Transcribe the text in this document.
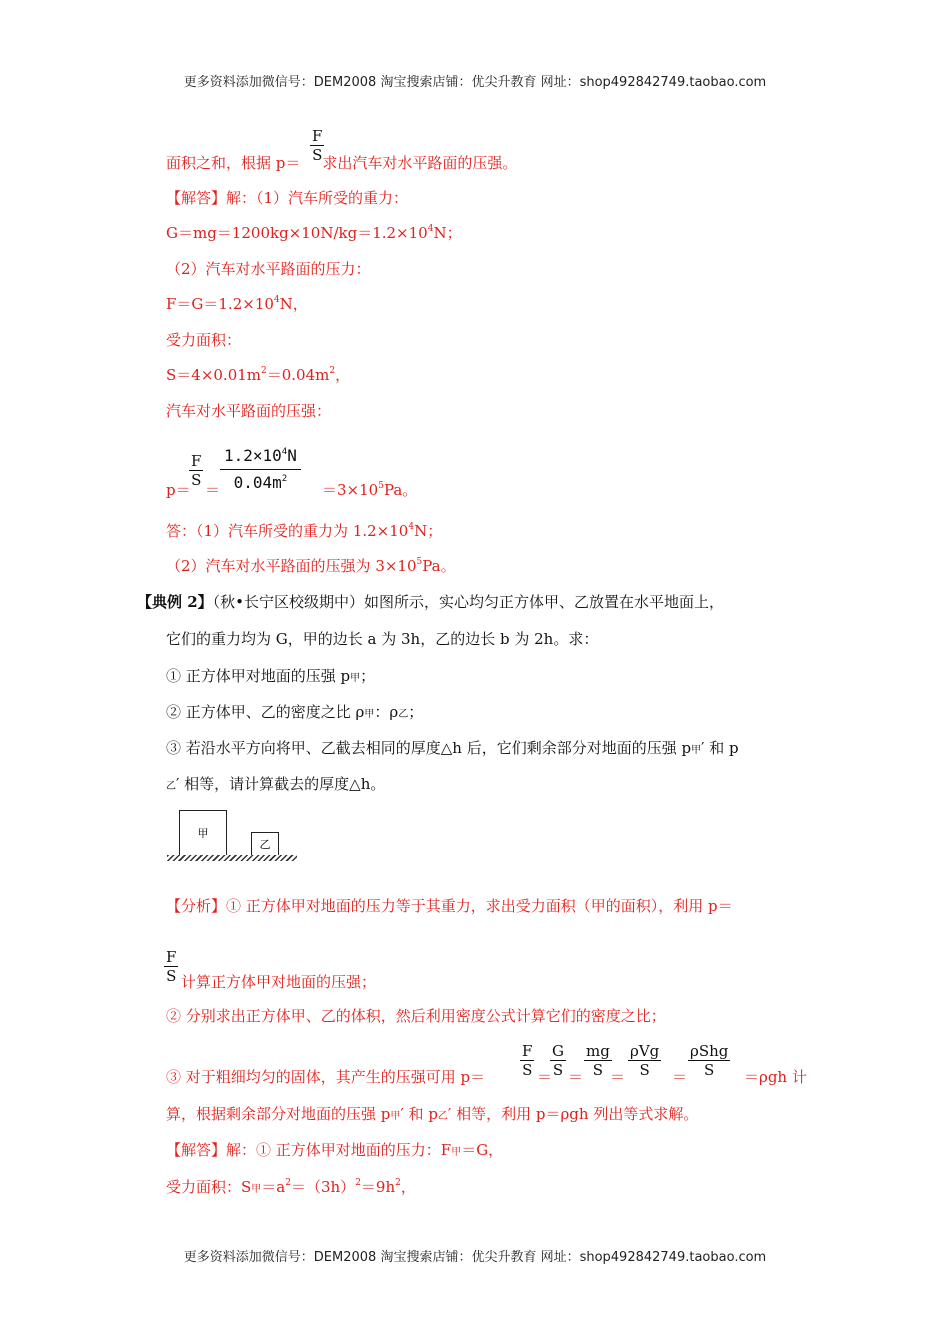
更多资料添加微信号：DEM2008 淘宝搜索店铺：优尖升教育 网址：shop492842749.taobao.com
面积之和，根据 p＝ 求出汽车对水平路面的压强。
$\frac{F}{S}$
【解答】解：（1）汽车所受的重力：
$G=mg=1200kg\times 10N/kg=1.2\times 10^4N$；
（2）汽车对水平路面的压力：
$F=G=1.2\times 10^4N$，
受力面积：
$S=4\times 0.01m^2=0.04m^2$，
汽车对水平路面的压强：
p＝
$\frac{F}{S}$
＝ $\frac{1.2\times 10^4N}{0.04m^2} =3\times 10^5Pa$。
答：（1）汽车所受的重力为 $1.2\times 10^4N$；
（2）汽车对水平路面的压强为 $3\times 10^5Pa$。
【典例 2】（秋•长宁区校级期中）如图所示，实心均匀正方体甲、乙放置在水平地面上，
它们的重力均为 G，甲的边长 a 为 3h，乙的边长 b 为 2h。求：
① 正方体甲对地面的压强 p甲；
② 正方体甲、乙的密度之比 ρ甲：ρ乙；
③ 若沿水平方向将甲、乙截去相同的厚度△h 后，它们剩余部分对地面的压强 p甲′ 和 p
乙′ 相等，请计算截去的厚度△h。
甲
乙
【分析】① 正方体甲对地面的压力等于其重力，求出受力面积（甲的面积），利用 p＝
$\frac{F}{S}$ 计算正方体甲对地面的压强；
② 分别求出正方体甲、乙的体积，然后利用密度公式计算它们的密度之比；
③ 对于粗细均匀的固体，其产生的压强可用 $p= \frac{F}{S}$ ＝
$\frac{G}{S} = \frac{mg}{S}$
＝
ρVg
S	＝
ρShg
S	＝ρgh 计
算，根据剩余部分对地面的压强 p甲′ 和 p乙′ 相等，利用 p＝ρgh 列出等式求解。
【解答】解：① 正方体甲对地面的压力：F甲＝G，
受力面积：S甲$=a^2=(3h)^2=9h^2$，
更多资料添加微信号：DEM2008 淘宝搜索店铺：优尖升教育 网址：shop492842749.taobao.com
